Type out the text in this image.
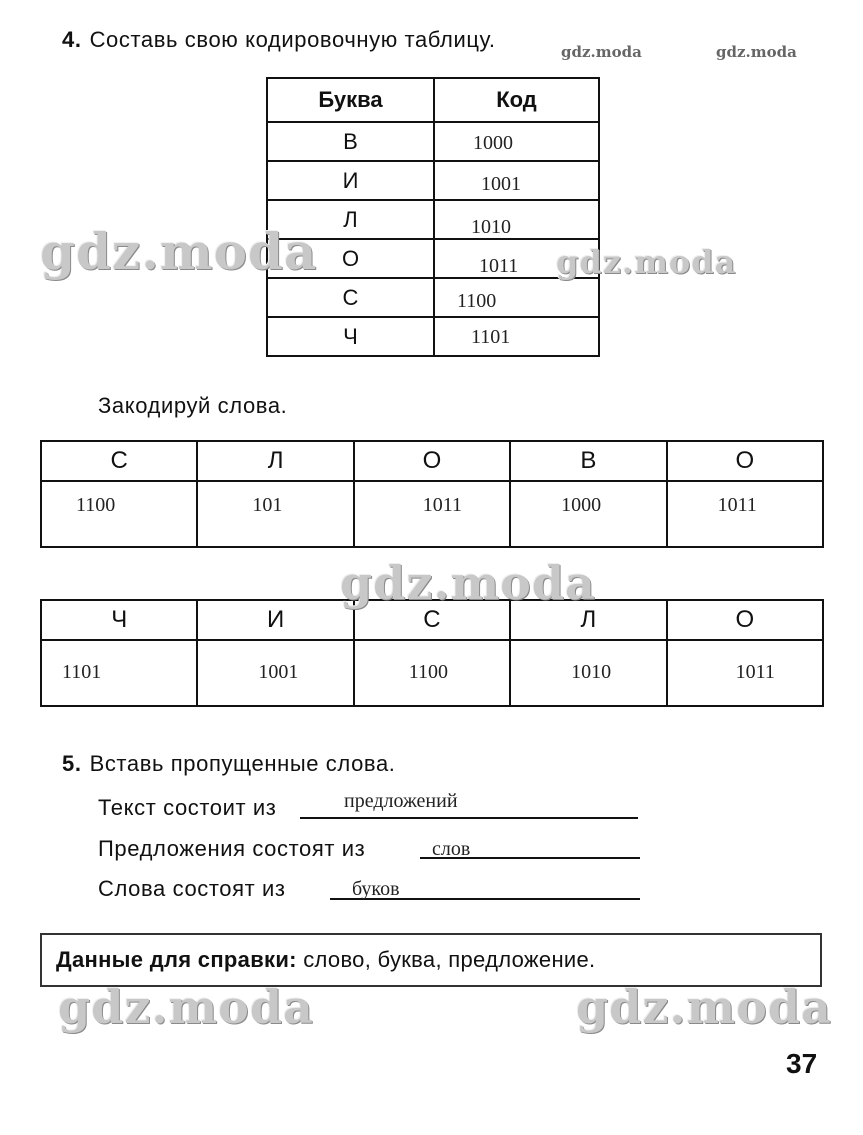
4. Составь свою кодировочную таблицу.
Буква	Код
В	1000

И	1001

Л	1010

О	1011

С	1100

Ч	1101
Закодируй слова.
С	Л	О	В	О

1100	101	1011	1000	1011
Ч	И	С	Л	О

1101	1001	1100	1010	1011
5. Вставь пропущенные слова.
Текст состоит из	предложений
Предложения состоят из	слов
Слова состоят из	буков
Данные для справки: слово, буква, предложение.
37
gdz.moda	gdz.moda
gdz.moda	gdz.moda
gdz.moda
gdz.moda	gdz.moda
